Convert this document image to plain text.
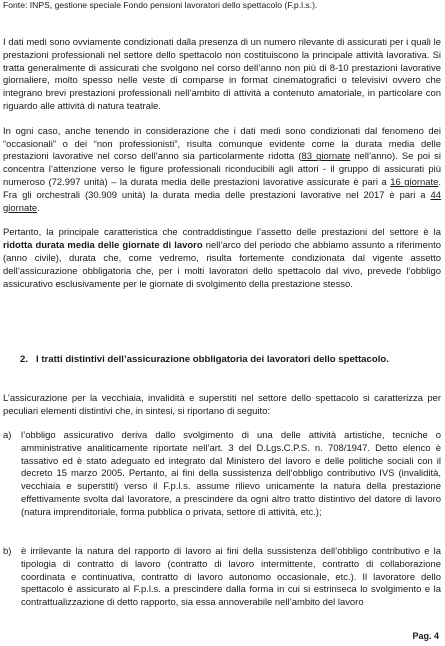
Fonte: INPS, gestione speciale Fondo pensioni lavoratori dello spettacolo (F.p.l.s.).

I dati medi sono ovviamente condizionati dalla presenza di un numero rilevante di assicurati per i quali le prestazioni professionali nel settore dello spettacolo non costituiscono la principale attività lavorativa. Si tratta generalmente di assicurati che svolgono nel corso dell’anno non più di 8-10 prestazioni lavorative giornaliere, molto spesso nelle veste di comparse in format cinematografici o televisivi ovvero che integrano brevi prestazioni professionali nell’ambito di attività a contenuto amatoriale, in particolare con riguardo alle attività di natura teatrale.

In ogni caso, anche tenendo in considerazione che i dati medi sono condizionati dal fenomeno dei “occasionali” o dei “non professionisti”, risulta comunque evidente come la durata media delle prestazioni lavorative nel corso dell’anno sia particolarmente ridotta (83 giornate nell’anno). Se poi si concentra l’attenzione verso le figure professionali riconducibili agli attori - il gruppo di assicurati più numeroso (72.997 unità) – la durata media delle prestazioni lavorative assicurate è pari a 16 giornate. Fra gli orchestrali (30.909 unità) la durata media delle prestazioni lavorative nel 2017 è pari a 44 giornate.

Pertanto, la principale caratteristica che contraddistingue l’assetto delle prestazioni del settore è la ridotta durata media delle giornate di lavoro nell’arco del periodo che abbiamo assunto a riferimento (anno civile), durata che, come vedremo, risulta fortemente condizionata dal vigente assetto dell’assicurazione obbligatoria che, per i molti lavoratori dello spettacolo dal vivo, prevede l’obbligo assicurativo esclusivamente per le giornate di svolgimento della prestazione stesso.

2. I tratti distintivi dell’assicurazione obbligatoria dei lavoratori dello spettacolo.
L’assicurazione per la vecchiaia, invalidità e superstiti nel settore dello spettacolo si caratterizza per peculiari elementi distintivi che, in sintesi, si riportano di seguito:
a) l’obbligo assicurativo deriva dallo svolgimento di una delle attività artistiche, tecniche o amministrative analiticamente riportate nell’art. 3 del D.Lgs.C.P.S. n. 708/1947. Detto elenco è tassativo ed è stato adeguato ed integrato dal Ministero del lavoro e delle politiche sociali con il decreto 15 marzo 2005. Pertanto, ai fini della sussistenza dell’obbligo contributivo IVS (invalidità, vecchiaia e superstiti) verso il F.p.l.s. assume rilievo unicamente la natura della prestazione effettivamente svolta dal lavoratore, a prescindere da ogni altro tratto distintivo del datore di lavoro (natura imprenditoriale, forma pubblica o privata, settore di attività, etc.);
b) è irrilevante la natura del rapporto di lavoro ai fini della sussistenza dell’obbligo contributivo e la tipologia di contratto di lavoro (contratto di lavoro intermittente, contratto di collaborazione coordinata e continuativa, contratto di lavoro autonomo occasionale, etc.). Il lavoratore dello spettacolo è assicurato al F.p.l.s. a prescindere dalla forma in cui si estrinseca lo svolgimento e la contrattualizzazione di detto rapporto, sia essa annoverabile nell’ambito del lavoro
Pag. 4
